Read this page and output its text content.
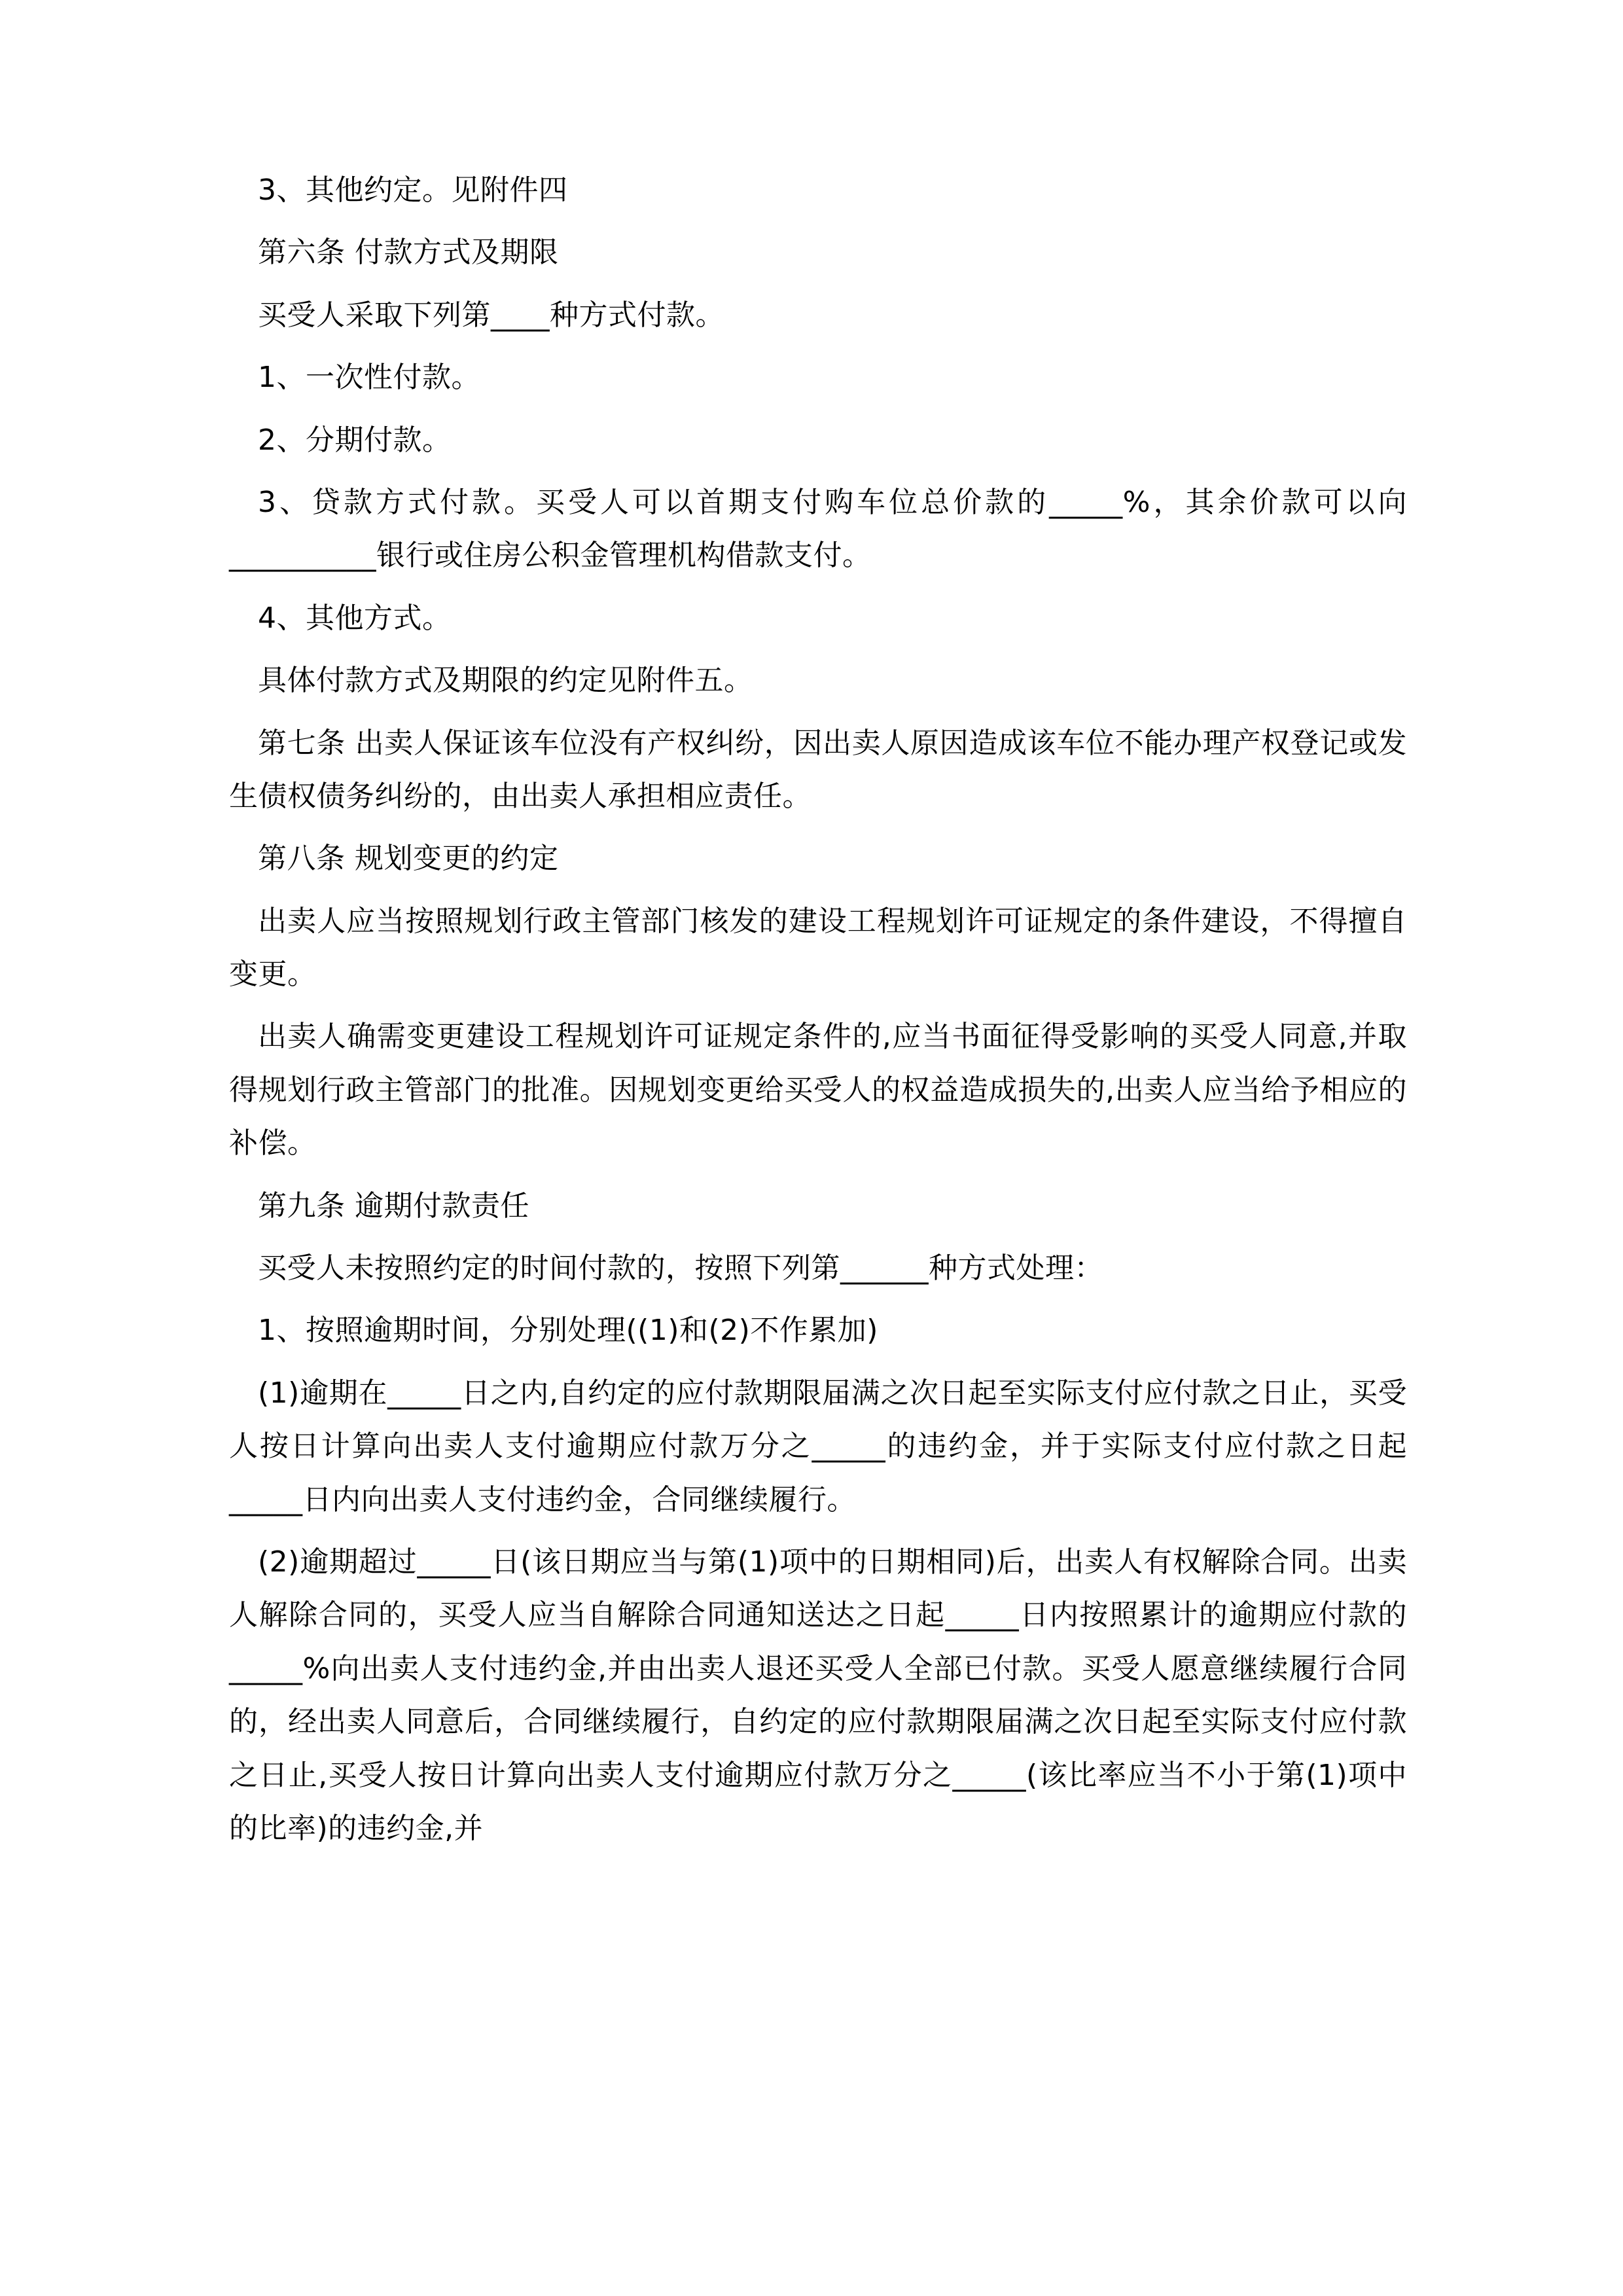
3、其他约定。见附件四

第六条 付款方式及期限

买受人采取下列第____种方式付款。

1、一次性付款。

2、分期付款。

3、贷款方式付款。买受人可以首期支付购车位总价款的_____%，其余价款可以向__________银行或住房公积金管理机构借款支付。

4、其他方式。

具体付款方式及期限的约定见附件五。

第七条 出卖人保证该车位没有产权纠纷，因出卖人原因造成该车位不能办理产权登记或发生债权债务纠纷的，由出卖人承担相应责任。

第八条 规划变更的约定

出卖人应当按照规划行政主管部门核发的建设工程规划许可证规定的条件建设，不得擅自变更。

出卖人确需变更建设工程规划许可证规定条件的,应当书面征得受影响的买受人同意,并取得规划行政主管部门的批准。因规划变更给买受人的权益造成损失的,出卖人应当给予相应的补偿。

第九条 逾期付款责任

买受人未按照约定的时间付款的，按照下列第______种方式处理：

1、按照逾期时间，分别处理((1)和(2)不作累加)

(1)逾期在_____日之内,自约定的应付款期限届满之次日起至实际支付应付款之日止，买受人按日计算向出卖人支付逾期应付款万分之_____的违约金，并于实际支付应付款之日起_____日内向出卖人支付违约金，合同继续履行。

(2)逾期超过_____日(该日期应当与第(1)项中的日期相同)后，出卖人有权解除合同。出卖人解除合同的，买受人应当自解除合同通知送达之日起_____日内按照累计的逾期应付款的_____%向出卖人支付违约金,并由出卖人退还买受人全部已付款。买受人愿意继续履行合同的，经出卖人同意后，合同继续履行，自约定的应付款期限届满之次日起至实际支付应付款之日止,买受人按日计算向出卖人支付逾期应付款万分之_____(该比率应当不小于第(1)项中的比率)的违约金,并
